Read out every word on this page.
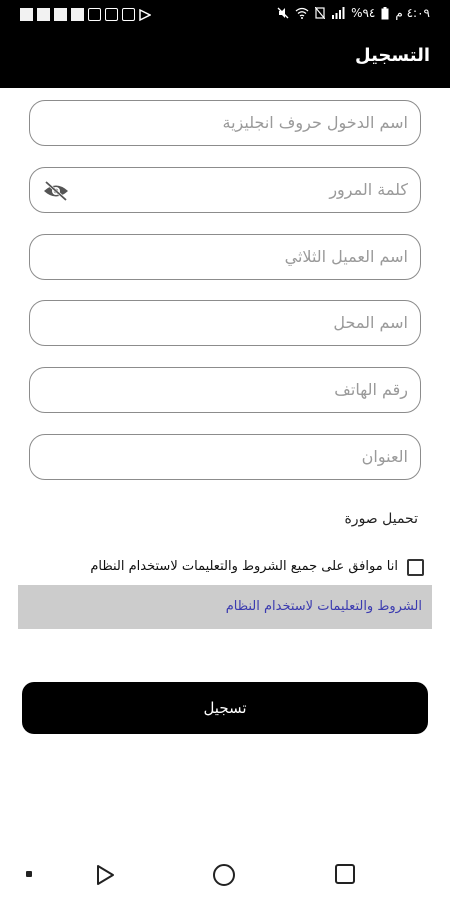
%٩٤ ٤:٠٩ م
التسجيل
اسم الدخول حروف انجليزية
كلمة المرور
اسم العميل الثلاثي
اسم المحل
رقم الهاتف
العنوان
تحميل صورة
انا موافق على جميع الشروط والتعليمات لاستخدام النظام
الشروط والتعليمات لاستخدام النظام
تسجيل
